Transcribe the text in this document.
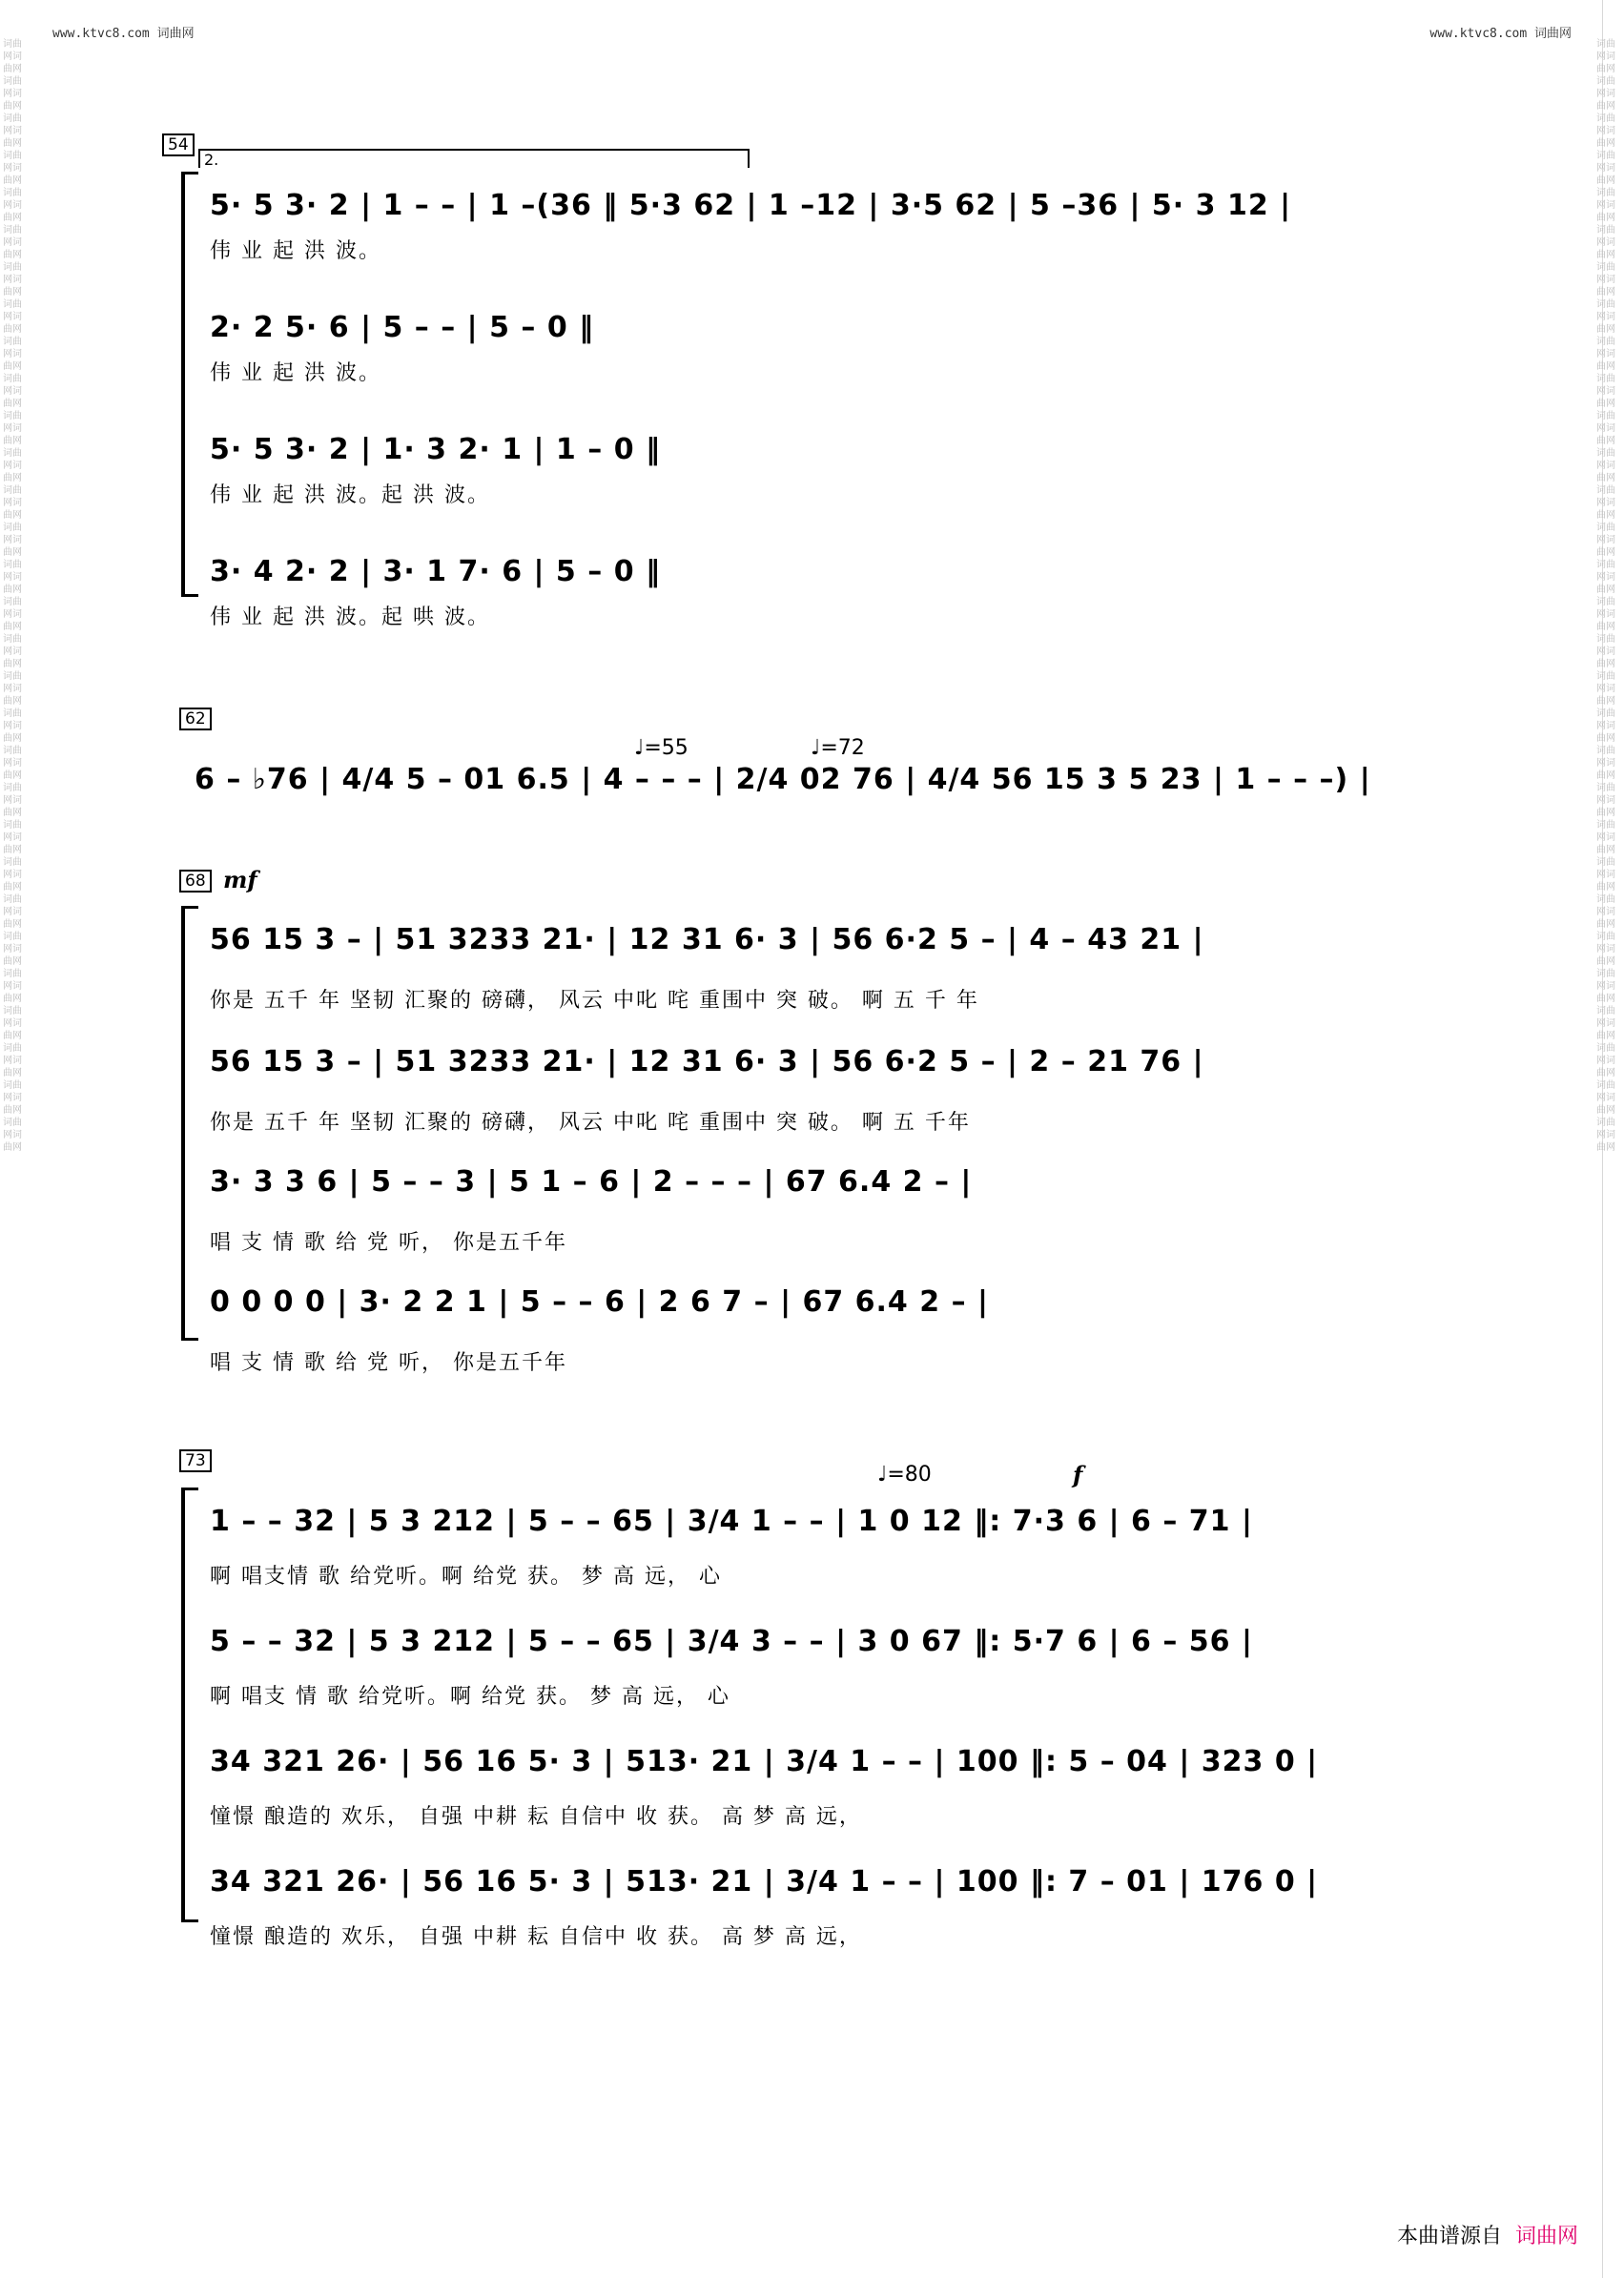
www.ktvc8.com 词曲网	www.ktvc8.com 词曲网
词曲网词曲网词曲网词曲网词曲网词曲网词曲网词曲网词曲网词曲网词曲网词曲网词曲网词曲网词曲网词曲网词曲网词曲网词曲网词曲网词曲网词曲网词曲网词曲网词曲网词曲网词曲网词曲网词曲网词曲网词曲网词曲网词曲网词曲网词曲网词曲网词曲网词曲网词曲网词曲网词曲网词曲网词曲网词曲网词曲网词曲网词曲网词曲网词曲网词曲网词曲网词曲网词曲网词曲网词曲网词曲网词曲网词曲网词曲网词曲网
词曲网词曲网词曲网词曲网词曲网词曲网词曲网词曲网词曲网词曲网词曲网词曲网词曲网词曲网词曲网词曲网词曲网词曲网词曲网词曲网词曲网词曲网词曲网词曲网词曲网词曲网词曲网词曲网词曲网词曲网词曲网词曲网词曲网词曲网词曲网词曲网词曲网词曲网词曲网词曲网词曲网词曲网词曲网词曲网词曲网词曲网词曲网词曲网词曲网词曲网词曲网词曲网词曲网词曲网词曲网词曲网词曲网词曲网词曲网词曲网
54
2.
5· 5 3· 2 | 1 – – | 1 –(36 ‖ 5·3 62 | 1 –12 | 3·5 62 | 5 –36 | 5· 3 12 |
伟 业 起 洪 波。
2· 2 5· 6 | 5 – – | 5 – 0 ‖
伟 业 起 洪 波。
5· 5 3· 2 | 1· 3 2· 1 | 1 – 0 ‖
伟 业 起 洪 波。起 洪 波。
3· 4 2· 2 | 3· 1 7· 6 | 5 – 0 ‖
伟 业 起 洪 波。起 哄 波。
62
♩=55	♩=72
6 – ♭76 | 4/4 5 – 01 6.5 | 4 – – – | 2/4 02 76 | 4/4 56 15 3 5 23 | 1 – – –) |
68 mf
56 15 3 – | 51 3233 21· | 12 31 6· 3 | 56 6·2 5 – | 4 – 43 21 |
你是 五千 年 坚韧 汇聚的 磅礴， 风云 中叱 咤 重围中 突 破。 啊 五 千 年
56 15 3 – | 51 3233 21· | 12 31 6· 3 | 56 6·2 5 – | 2 – 21 76 |
你是 五千 年 坚韧 汇聚的 磅礴， 风云 中叱 咤 重围中 突 破。 啊 五 千年
3· 3 3 6 | 5 – – 3 | 5 1 – 6 | 2 – – – | 67 6.4 2 – |
唱 支 情 歌 给 党 听， 你是五千年
0 0 0 0 | 3· 2 2 1 | 5 – – 6 | 2 6 7 – | 67 6.4 2 – |
唱 支 情 歌 给 党 听， 你是五千年
73
♩=80	f
1 – – 32 | 5 3 212 | 5 – – 65 | 3/4 1 – – | 1 0 12 ‖: 7·3 6 | 6 – 71 |
啊 唱支情 歌 给党听。啊 给党 获。 梦 高 远， 心
5 – – 32 | 5 3 212 | 5 – – 65 | 3/4 3 – – | 3 0 67 ‖: 5·7 6 | 6 – 56 |
啊 唱支 情 歌 给党听。啊 给党 获。 梦 高 远， 心
34 321 26· | 56 16 5· 3 | 513· 21 | 3/4 1 – – | 100 ‖: 5 – 04 | 323 0 |
憧憬 酿造的 欢乐， 自强 中耕 耘 自信中 收 获。 高 梦 高 远，
34 321 26· | 56 16 5· 3 | 513· 21 | 3/4 1 – – | 100 ‖: 7 – 01 | 176 0 |
憧憬 酿造的 欢乐， 自强 中耕 耘 自信中 收 获。 高 梦 高 远，
本曲谱源自 词曲网
